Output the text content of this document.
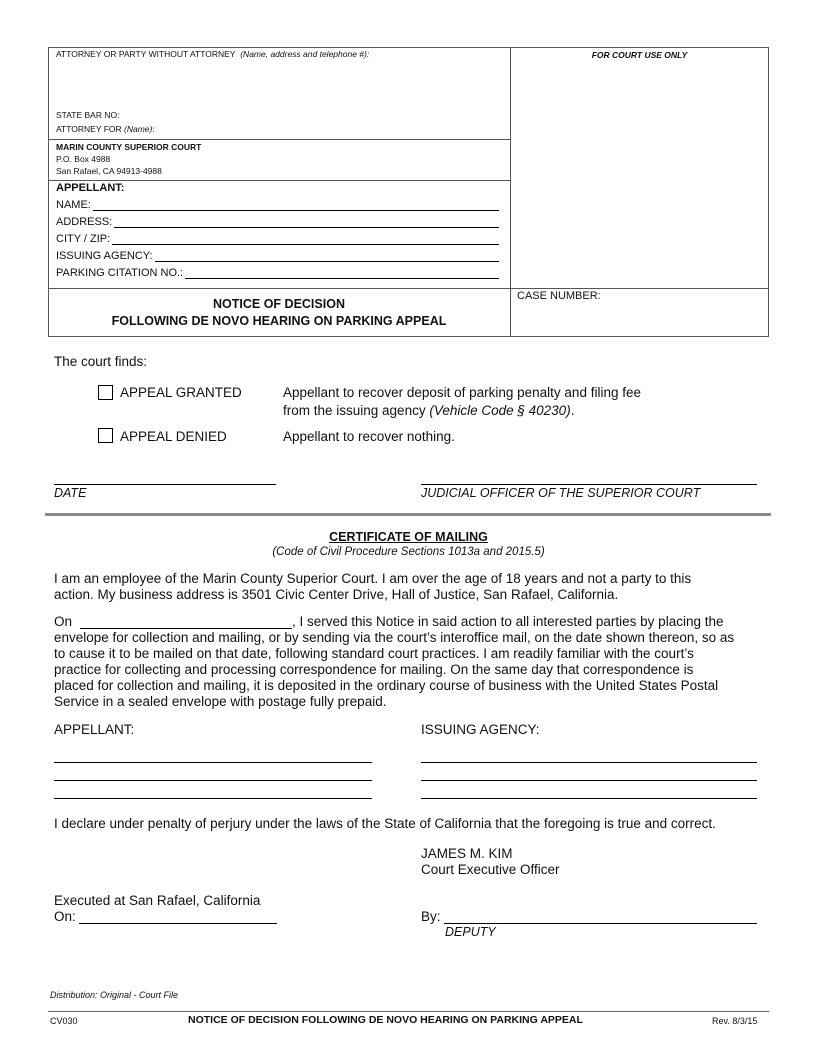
ATTORNEY OR PARTY WITHOUT ATTORNEY (Name, address and telephone #):	FOR COURT USE ONLY
STATE BAR NO:
ATTORNEY FOR (Name):
MARIN COUNTY SUPERIOR COURT
P.O. Box 4988
San Rafael, CA 94913-4988
APPELLANT:
NAME:
ADDRESS:
CITY / ZIP:
ISSUING AGENCY:
PARKING CITATION NO.:
CASE NUMBER:
NOTICE OF DECISION
FOLLOWING DE NOVO HEARING ON PARKING APPEAL
The court finds:
APPEAL GRANTED	Appellant to recover deposit of parking penalty and filing fee
from the issuing agency (Vehicle Code § 40230).
APPEAL DENIED	Appellant to recover nothing.
DATE	JUDICIAL OFFICER OF THE SUPERIOR COURT
CERTIFICATE OF MAILING
(Code of Civil Procedure Sections 1013a and 2015.5)
I am an employee of the Marin County Superior Court. I am over the age of 18 years and not a party to this
action. My business address is 3501 Civic Center Drive, Hall of Justice, San Rafael, California.
On	, I served this Notice in said action to all interested parties by placing the
envelope for collection and mailing, or by sending via the court’s interoffice mail, on the date shown thereon, so as
to cause it to be mailed on that date, following standard court practices. I am readily familiar with the court’s
practice for collecting and processing correspondence for mailing. On the same day that correspondence is
placed for collection and mailing, it is deposited in the ordinary course of business with the United States Postal
Service in a sealed envelope with postage fully prepaid.
APPELLANT:	ISSUING AGENCY:
I declare under penalty of perjury under the laws of the State of California that the foregoing is true and correct.
JAMES M. KIM
Court Executive Officer
Executed at San Rafael, California
On:	By:
DEPUTY
Distribution: Original - Court File
CV030	NOTICE OF DECISION FOLLOWING DE NOVO HEARING ON PARKING APPEAL	Rev. 8/3/15
